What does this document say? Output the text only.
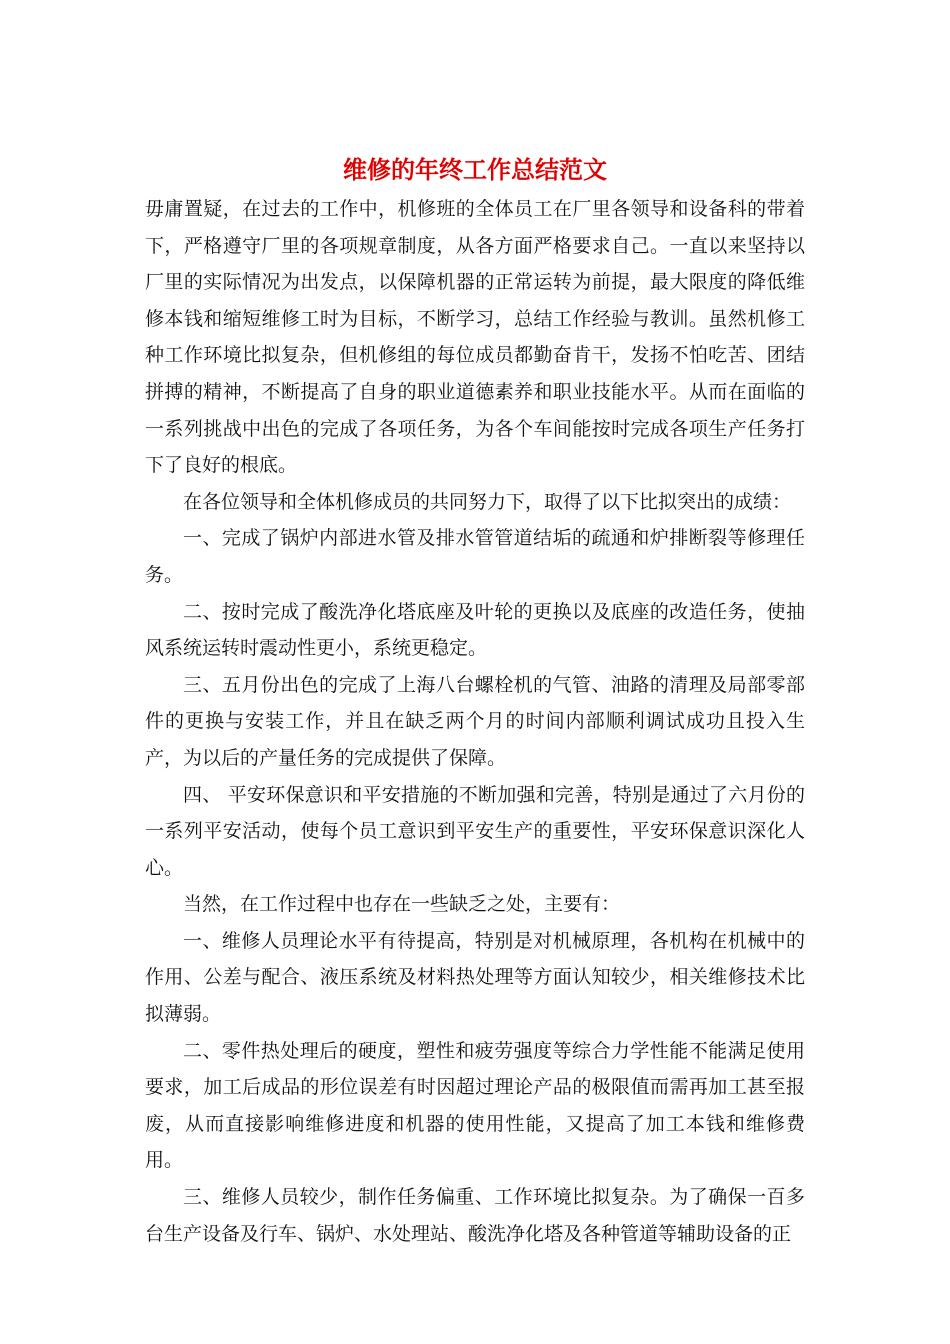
维修的年终工作总结范文

毋庸置疑，在过去的工作中，机修班的全体员工在厂里各领导和设备科的带着下，严格遵守厂里的各项规章制度，从各方面严格要求自己。一直以来坚持以厂里的实际情况为出发点，以保障机器的正常运转为前提，最大限度的降低维修本钱和缩短维修工时为目标，不断学习，总结工作经验与教训。虽然机修工种工作环境比拟复杂，但机修组的每位成员都勤奋肯干，发扬不怕吃苦、团结拼搏的精神，不断提高了自身的职业道德素养和职业技能水平。从而在面临的一系列挑战中出色的完成了各项任务，为各个车间能按时完成各项生产任务打下了良好的根底。

在各位领导和全体机修成员的共同努力下，取得了以下比拟突出的成绩：

一、完成了锅炉内部进水管及排水管管道结垢的疏通和炉排断裂等修理任务。

二、按时完成了酸洗净化塔底座及叶轮的更换以及底座的改造任务，使抽风系统运转时震动性更小，系统更稳定。

三、五月份出色的完成了上海八台螺栓机的气管、油路的清理及局部零部件的更换与安装工作，并且在缺乏两个月的时间内部顺利调试成功且投入生产，为以后的产量任务的完成提供了保障。

四、 平安环保意识和平安措施的不断加强和完善，特别是通过了六月份的一系列平安活动，使每个员工意识到平安生产的重要性，平安环保意识深化人心。

当然，在工作过程中也存在一些缺乏之处，主要有：

一、维修人员理论水平有待提高，特别是对机械原理，各机构在机械中的作用、公差与配合、液压系统及材料热处理等方面认知较少，相关维修技术比拟薄弱。

二、零件热处理后的硬度，塑性和疲劳强度等综合力学性能不能满足使用要求，加工后成品的形位误差有时因超过理论产品的极限值而需再加工甚至报废，从而直接影响维修进度和机器的使用性能，又提高了加工本钱和维修费用。

三、维修人员较少，制作任务偏重、工作环境比拟复杂。为了确保一百多台生产设备及行车、锅炉、水处理站、酸洗净化塔及各种管道等辅助设备的正
